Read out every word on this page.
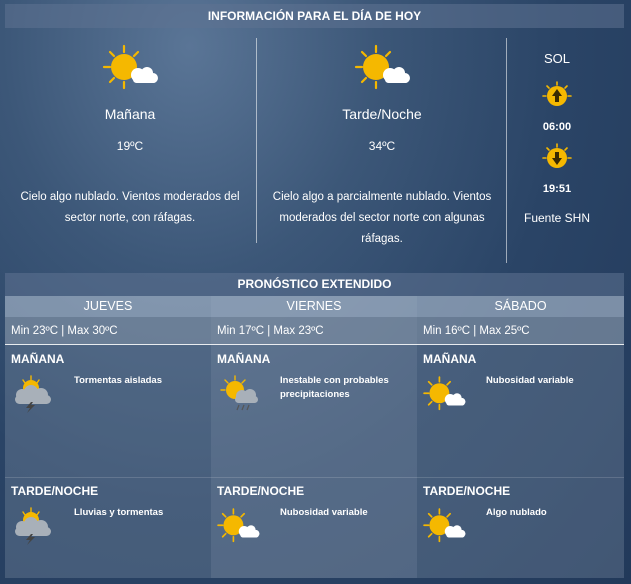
INFORMACIÓN PARA EL DÍA DE HOY
Mañana
19ºC
Cielo algo nublado. Vientos moderados del sector norte, con ráfagas.
Tarde/Noche
34ºC
Cielo algo a parcialmente nublado. Vientos moderados del sector norte con algunas ráfagas.
SOL
06:00
19:51
Fuente SHN
PRONÓSTICO EXTENDIDO
JUEVES
Min 23ºC | Max 30ºC
MAÑANA
Tormentas aisladas
TARDE/NOCHE
Lluvias y tormentas
VIERNES
Min 17ºC | Max 23ºC
MAÑANA
Inestable con probables precipitaciones
TARDE/NOCHE
Nubosidad variable
SÁBADO
Min 16ºC | Max 25ºC
MAÑANA
Nubosidad variable
TARDE/NOCHE
Algo nublado
